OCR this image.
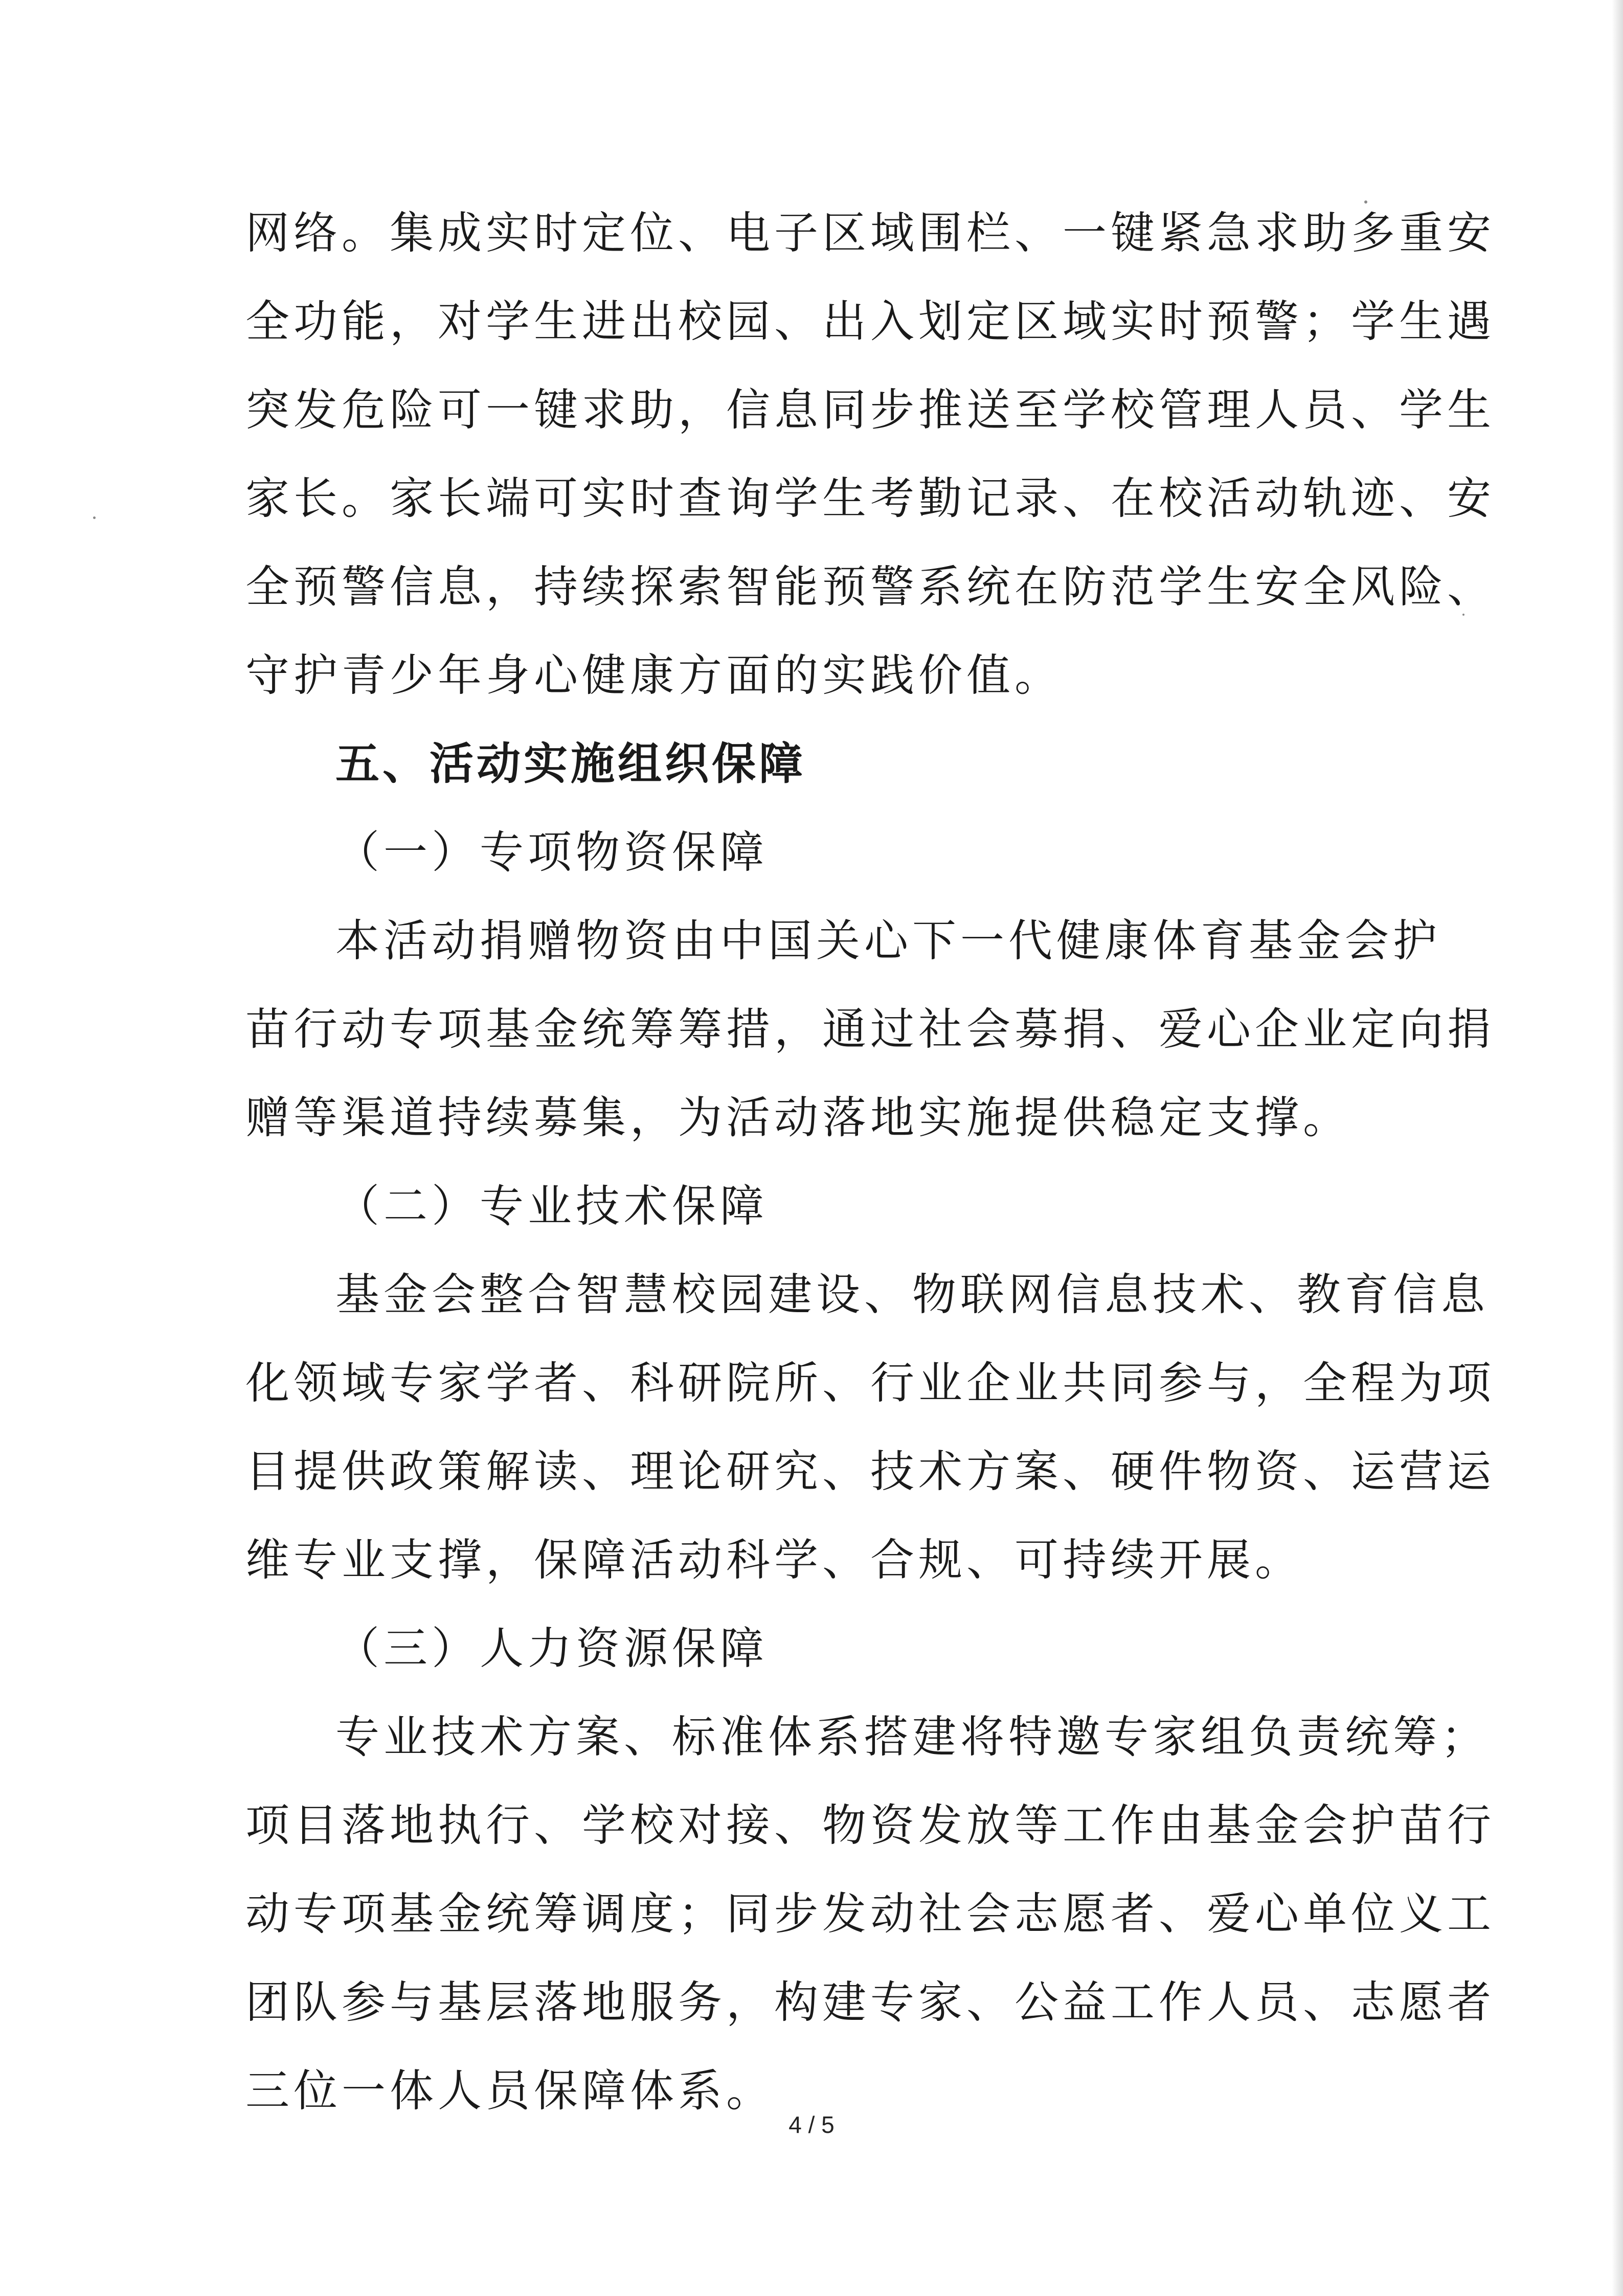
网络。集成实时定位、电子区域围栏、一键紧急求助多重安
全功能，对学生进出校园、出入划定区域实时预警；学生遇
突发危险可一键求助，信息同步推送至学校管理人员、学生
家长。家长端可实时查询学生考勤记录、在校活动轨迹、安
全预警信息，持续探索智能预警系统在防范学生安全风险、
守护青少年身心健康方面的实践价值。
五、活动实施组织保障
（一）专项物资保障
本活动捐赠物资由中国关心下一代健康体育基金会护
苗行动专项基金统筹筹措，通过社会募捐、爱心企业定向捐
赠等渠道持续募集，为活动落地实施提供稳定支撑。
（二）专业技术保障
基金会整合智慧校园建设、物联网信息技术、教育信息
化领域专家学者、科研院所、行业企业共同参与，全程为项
目提供政策解读、理论研究、技术方案、硬件物资、运营运
维专业支撑，保障活动科学、合规、可持续开展。
（三）人力资源保障
专业技术方案、标准体系搭建将特邀专家组负责统筹；
项目落地执行、学校对接、物资发放等工作由基金会护苗行
动专项基金统筹调度；同步发动社会志愿者、爱心单位义工
团队参与基层落地服务，构建专家、公益工作人员、志愿者
三位一体人员保障体系。
4 / 5
